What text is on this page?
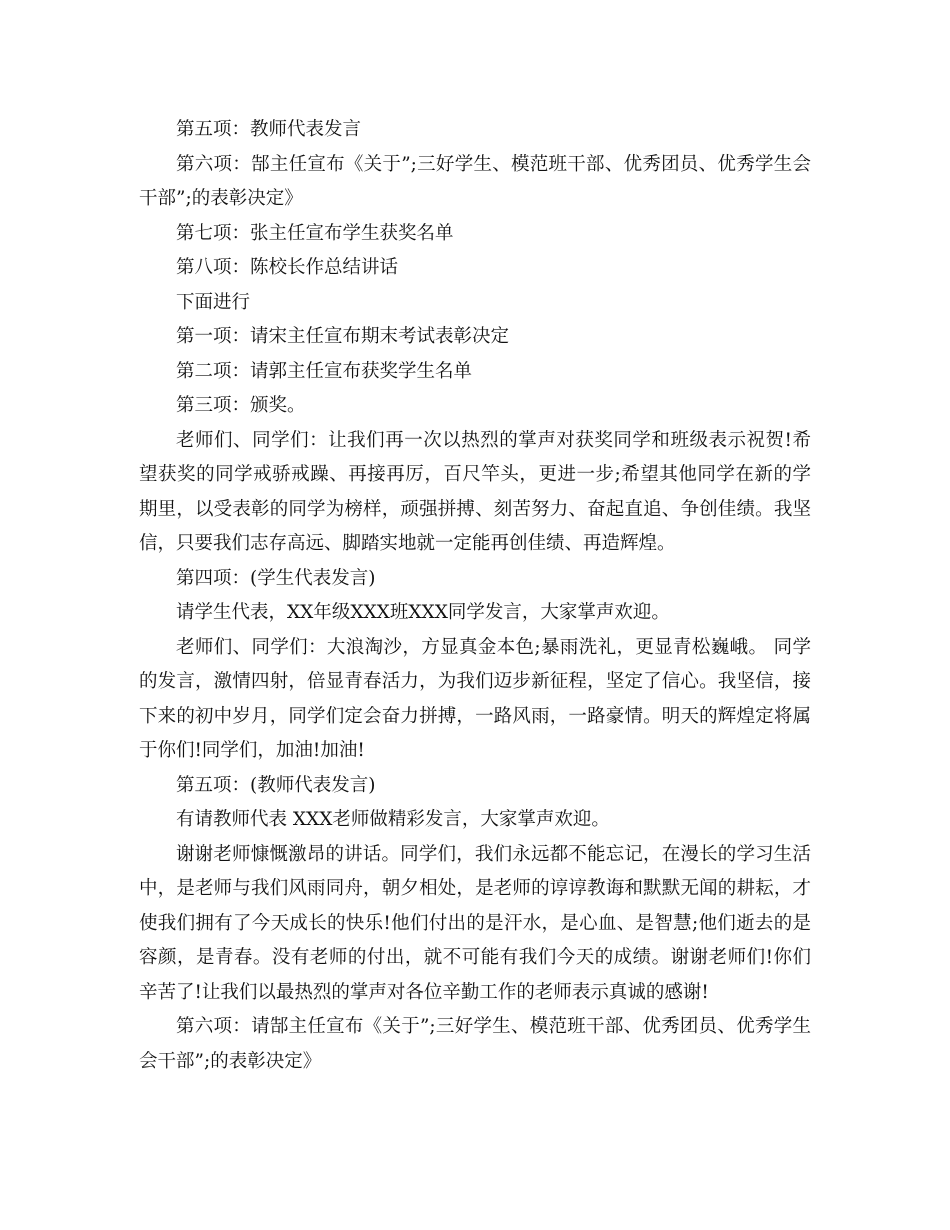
第五项：教师代表发言

第六项：郜主任宣布《关于”;三好学生、模范班干部、优秀团员、优秀学生会干部”;的表彰决定》

第七项：张主任宣布学生获奖名单

第八项：陈校长作总结讲话

下面进行

第一项：请宋主任宣布期末考试表彰决定

第二项：请郭主任宣布获奖学生名单

第三项：颁奖。

老师们、同学们：让我们再一次以热烈的掌声对获奖同学和班级表示祝贺!希望获奖的同学戒骄戒躁、再接再厉，百尺竿头，更进一步;希望其他同学在新的学期里，以受表彰的同学为榜样，顽强拼搏、刻苦努力、奋起直追、争创佳绩。我坚信，只要我们志存高远、脚踏实地就一定能再创佳绩、再造辉煌。

第四项：(学生代表发言)

请学生代表，XX年级XXX班XXX同学发言，大家掌声欢迎。

老师们、同学们：大浪淘沙，方显真金本色;暴雨洗礼，更显青松巍峨。 同学的发言，激情四射，倍显青春活力，为我们迈步新征程，坚定了信心。我坚信，接下来的初中岁月，同学们定会奋力拼搏，一路风雨，一路豪情。明天的辉煌定将属于你们!同学们，加油!加油!

第五项：(教师代表发言)

有请教师代表 XXX老师做精彩发言，大家掌声欢迎。

谢谢老师慷慨激昂的讲话。同学们，我们永远都不能忘记，在漫长的学习生活中，是老师与我们风雨同舟，朝夕相处，是老师的谆谆教诲和默默无闻的耕耘，才使我们拥有了今天成长的快乐!他们付出的是汗水，是心血、是智慧;他们逝去的是容颜，是青春。没有老师的付出，就不可能有我们今天的成绩。谢谢老师们!你们辛苦了!让我们以最热烈的掌声对各位辛勤工作的老师表示真诚的感谢!

第六项：请郜主任宣布《关于”;三好学生、模范班干部、优秀团员、优秀学生会干部”;的表彰决定》
